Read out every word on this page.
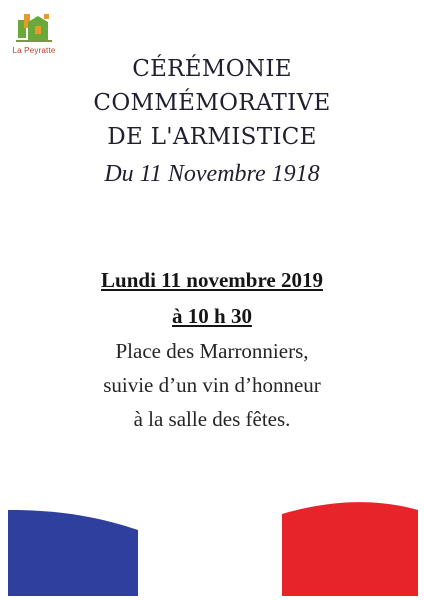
La Peyratte
CÉRÉMONIE
COMMÉMORATIVE
DE L'ARMISTICE
Du 11 Novembre 1918
Lundi 11 novembre 2019
à 10 h 30
Place des Marronniers,
suivie d’un vin d’honneur
à la salle des fêtes.
